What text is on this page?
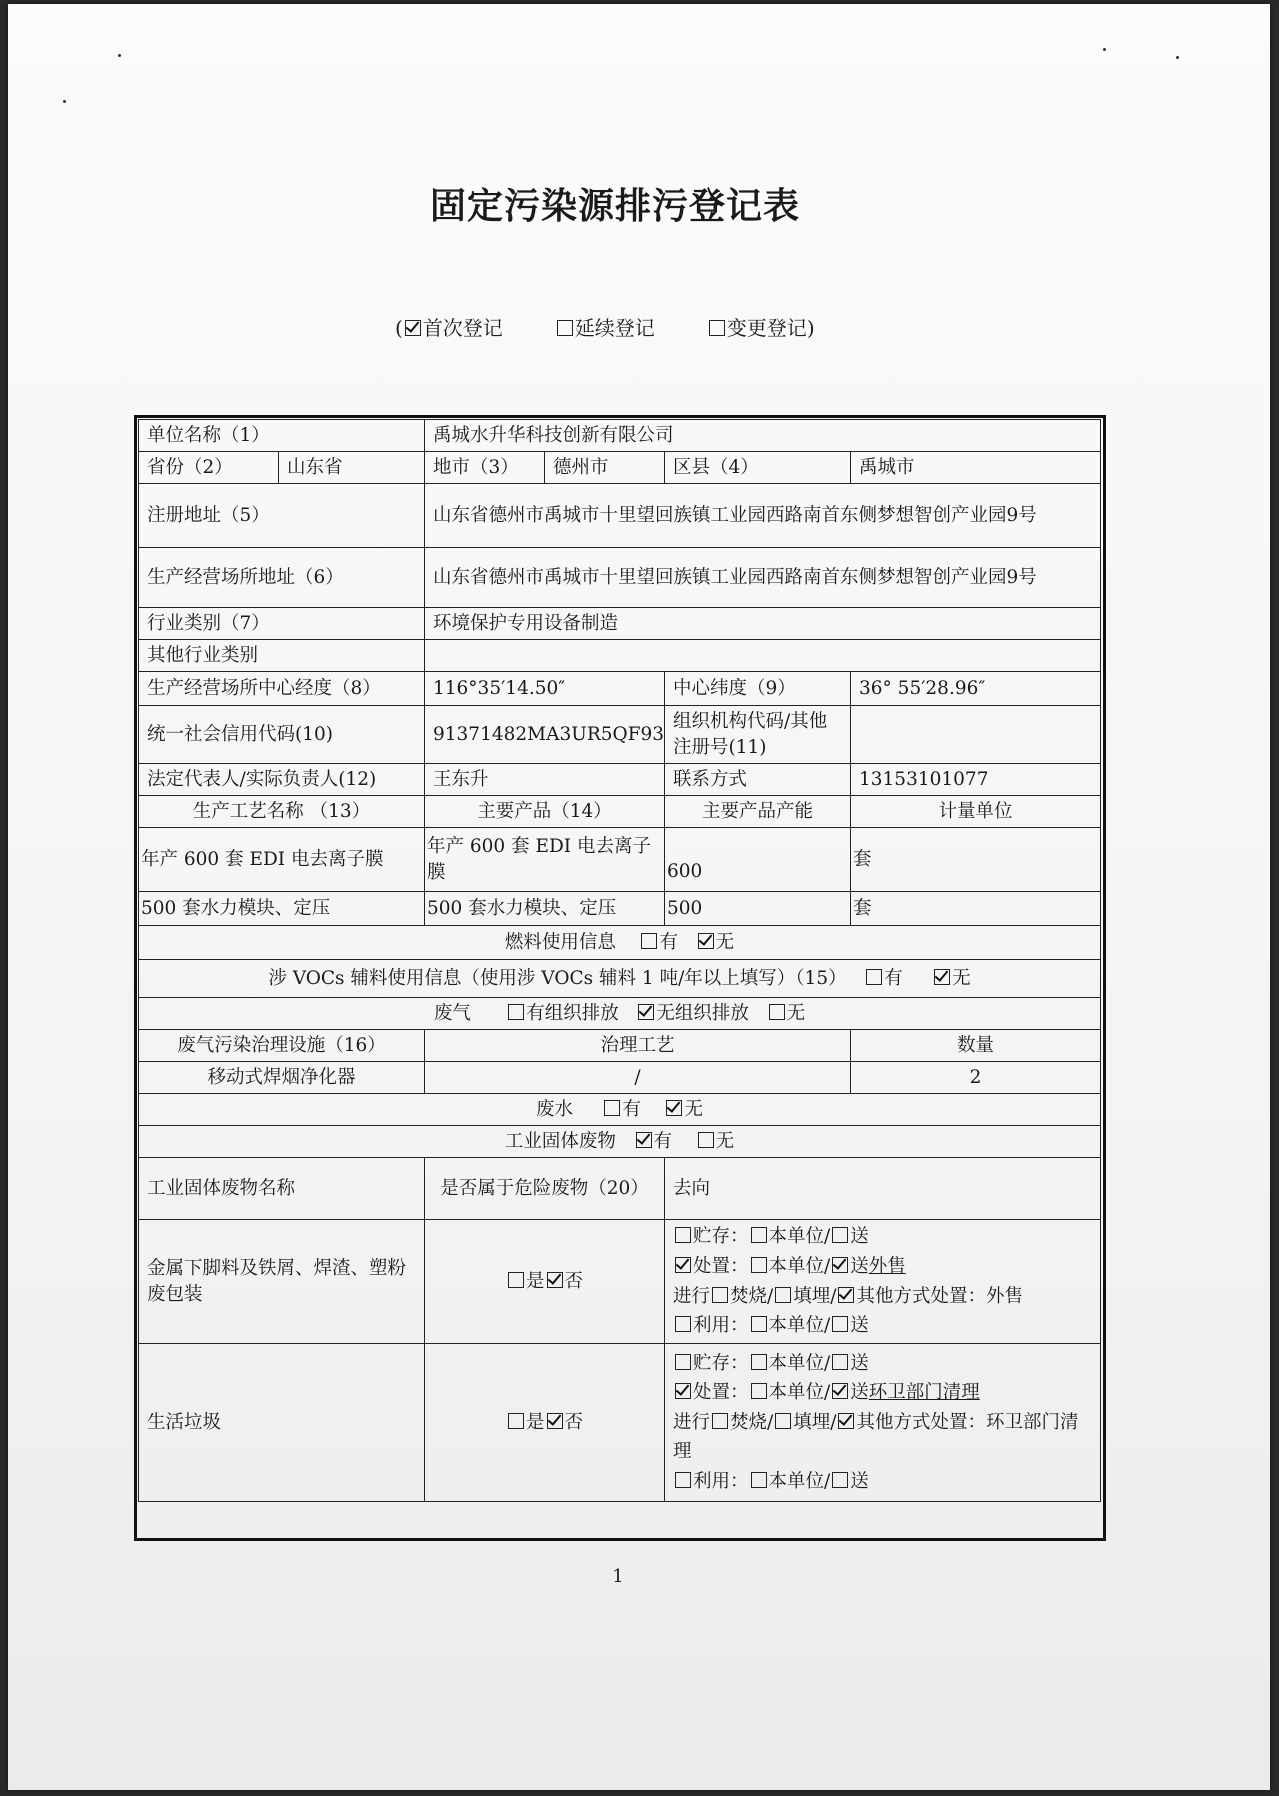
固定污染源排污登记表
( 首次登记	延续登记	变更登记)
单位名称（1）		禹城水升华科技创新有限公司			
省份（2）	山东省	地市（3）	德州市	区县（4）	禹城市
注册地址（5）		山东省德州市禹城市十里望回族镇工业园西路南首东侧梦想智创产业园9号			
生产经营场所地址（6）		山东省德州市禹城市十里望回族镇工业园西路南首东侧梦想智创产业园9号			
行业类别（7）		环境保护专用设备制造			
其他行业类别					
生产经营场所中心经度（8）		116°35′14.50″		中心纬度（9）	36° 55′28.96″
统一社会信用代码(10)		91371482MA3UR5QF93		组织机构代码/其他注册号(11)	
法定代表人/实际负责人(12)		王东升		联系方式	13153101077
生产工艺名称 （13）		主要产品（14）		主要产品产能	计量单位
年产 600 套 EDI 电去离子膜		年产 600 套 EDI 电去离子膜		600	套
500 套水力模块、定压		500 套水力模块、定压		500	套
燃料使用信息 有 无					
涉 VOCs 辅料使用信息（使用涉 VOCs 辅料 1 吨/年以上填写）（15） 有 无					
废气 有组织排放 无组织排放 无					
废气污染治理设施（16）		治理工艺			数量
移动式焊烟净化器		/			2
废水 有 无					
工业固体废物 有 无					
工业固体废物名称		是否属于危险废物（20）		去向	
金属下脚料及铁屑、焊渣、塑粉废包装		是 否		贮存： 本单位/ 送
处置： 本单位/ 送外售
进行 焚烧/ 填埋/ 其他方式处置：外售
利用： 本单位/ 送	

生活垃圾		是 否		贮存： 本单位/ 送
处置： 本单位/ 送环卫部门清理
进行 焚烧/ 填埋/ 其他方式处置：环卫部门清理
利用： 本单位/ 送	
1
